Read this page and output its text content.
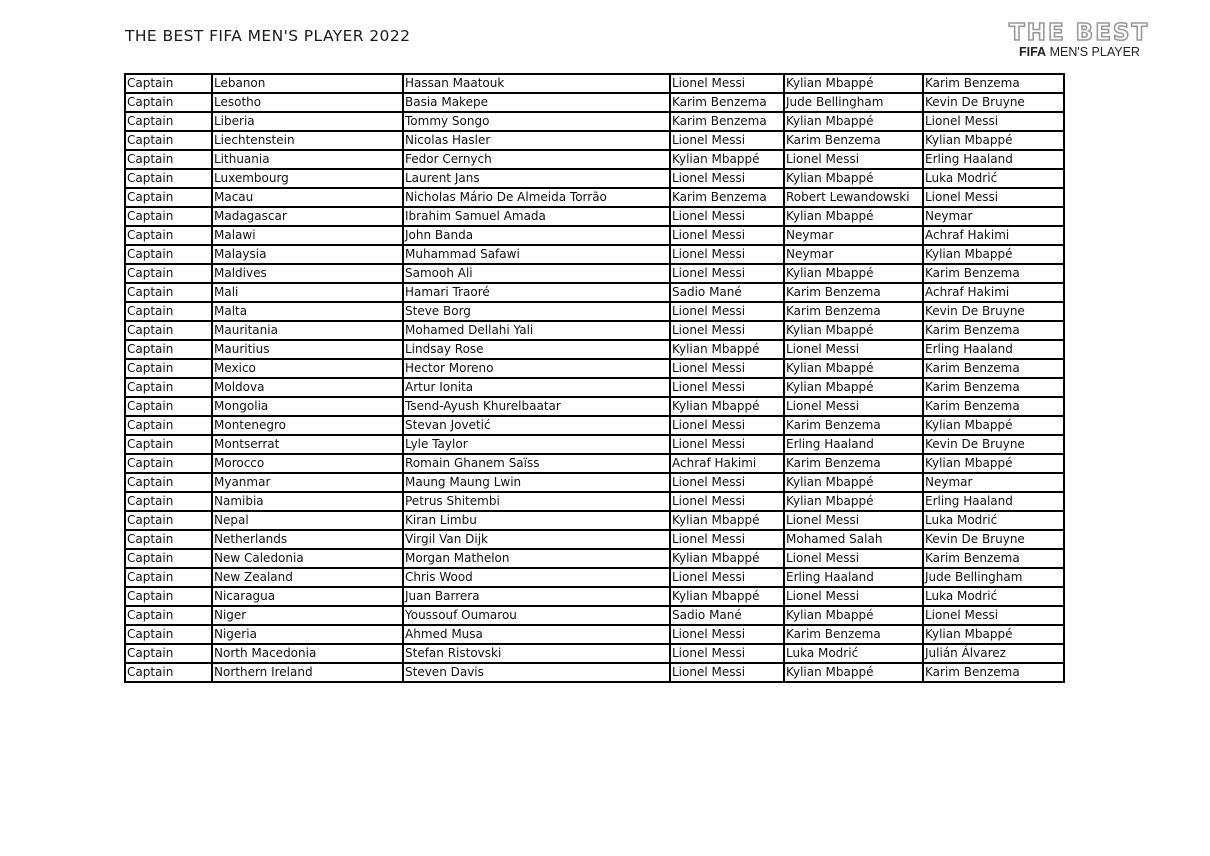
THE BEST FIFA MEN'S PLAYER 2022	THE BEST
FIFA MEN'S PLAYER
Captain	Lebanon	Hassan Maatouk	Lionel Messi	Kylian Mbappé	Karim Benzema
Captain	Lesotho	Basia Makepe	Karim Benzema	Jude Bellingham	Kevin De Bruyne
Captain	Liberia	Tommy Songo	Karim Benzema	Kylian Mbappé	Lionel Messi
Captain	Liechtenstein	Nicolas Hasler	Lionel Messi	Karim Benzema	Kylian Mbappé
Captain	Lithuania	Fedor Cernych	Kylian Mbappé	Lionel Messi	Erling Haaland
Captain	Luxembourg	Laurent Jans	Lionel Messi	Kylian Mbappé	Luka Modrić
Captain	Macau	Nicholas Mário De Almeida Torrão	Karim Benzema	Robert Lewandowski	Lionel Messi
Captain	Madagascar	Ibrahim Samuel Amada	Lionel Messi	Kylian Mbappé	Neymar
Captain	Malawi	John Banda	Lionel Messi	Neymar	Achraf Hakimi
Captain	Malaysia	Muhammad Safawi	Lionel Messi	Neymar	Kylian Mbappé
Captain	Maldives	Samooh Ali	Lionel Messi	Kylian Mbappé	Karim Benzema
Captain	Mali	Hamari Traoré	Sadio Mané	Karim Benzema	Achraf Hakimi
Captain	Malta	Steve Borg	Lionel Messi	Karim Benzema	Kevin De Bruyne
Captain	Mauritania	Mohamed Dellahi Yali	Lionel Messi	Kylian Mbappé	Karim Benzema
Captain	Mauritius	Lindsay Rose	Kylian Mbappé	Lionel Messi	Erling Haaland
Captain	Mexico	Hector Moreno	Lionel Messi	Kylian Mbappé	Karim Benzema
Captain	Moldova	Artur Ionita	Lionel Messi	Kylian Mbappé	Karim Benzema
Captain	Mongolia	Tsend-Ayush Khurelbaatar	Kylian Mbappé	Lionel Messi	Karim Benzema
Captain	Montenegro	Stevan Jovetić	Lionel Messi	Karim Benzema	Kylian Mbappé
Captain	Montserrat	Lyle Taylor	Lionel Messi	Erling Haaland	Kevin De Bruyne
Captain	Morocco	Romain Ghanem Saïss	Achraf Hakimi	Karim Benzema	Kylian Mbappé
Captain	Myanmar	Maung Maung Lwin	Lionel Messi	Kylian Mbappé	Neymar
Captain	Namibia	Petrus Shitembi	Lionel Messi	Kylian Mbappé	Erling Haaland
Captain	Nepal	Kiran Limbu	Kylian Mbappé	Lionel Messi	Luka Modrić
Captain	Netherlands	Virgil Van Dijk	Lionel Messi	Mohamed Salah	Kevin De Bruyne
Captain	New Caledonia	Morgan Mathelon	Kylian Mbappé	Lionel Messi	Karim Benzema
Captain	New Zealand	Chris Wood	Lionel Messi	Erling Haaland	Jude Bellingham
Captain	Nicaragua	Juan Barrera	Kylian Mbappé	Lionel Messi	Luka Modrić
Captain	Niger	Youssouf Oumarou	Sadio Mané	Kylian Mbappé	Lionel Messi
Captain	Nigeria	Ahmed Musa	Lionel Messi	Karim Benzema	Kylian Mbappé
Captain	North Macedonia	Stefan Ristovski	Lionel Messi	Luka Modrić	Julián Álvarez
Captain	Northern Ireland	Steven Davis	Lionel Messi	Kylian Mbappé	Karim Benzema
